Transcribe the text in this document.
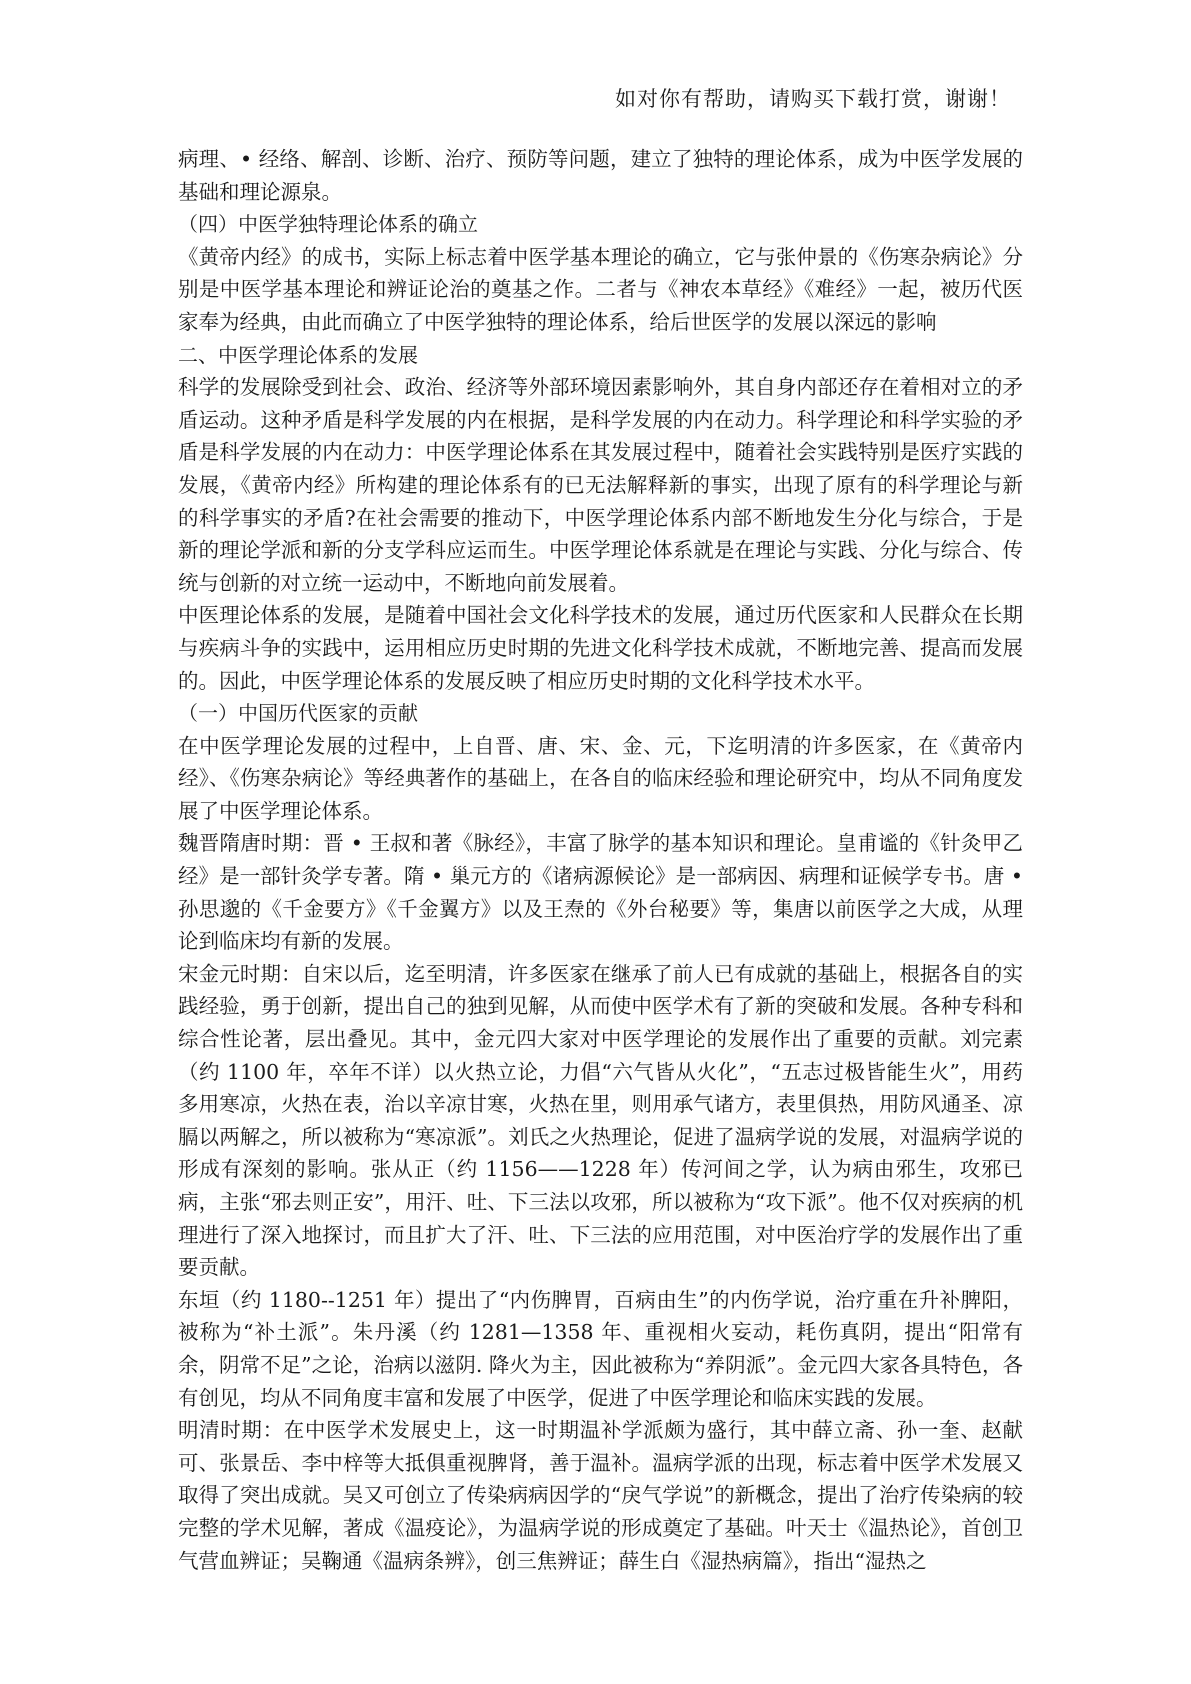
如对你有帮助，请购买下载打赏，谢谢！

病理、• 经络、解剖、诊断、治疗、预防等问题，建立了独特的理论体系，成为中医学发展的基础和理论源泉。

（四）中医学独特理论体系的确立

《黄帝内经》的成书，实际上标志着中医学基本理论的确立，它与张仲景的《伤寒杂病论》分别是中医学基本理论和辨证论治的奠基之作。二者与《神农本草经》《难经》一起，被历代医家奉为经典，由此而确立了中医学独特的理论体系，给后世医学的发展以深远的影响

二、中医学理论体系的发展

科学的发展除受到社会、政治、经济等外部环境因素影响外，其自身内部还存在着相对立的矛盾运动。这种矛盾是科学发展的内在根据，是科学发展的内在动力。科学理论和科学实验的矛盾是科学发展的内在动力：中医学理论体系在其发展过程中，随着社会实践特别是医疗实践的发展，《黄帝内经》所构建的理论体系有的已无法解释新的事实，出现了原有的科学理论与新的科学事实的矛盾?在社会需要的推动下，中医学理论体系内部不断地发生分化与综合，于是新的理论学派和新的分支学科应运而生。中医学理论体系就是在理论与实践、分化与综合、传统与创新的对立统一运动中，不断地向前发展着。

中医理论体系的发展，是随着中国社会文化科学技术的发展，通过历代医家和人民群众在长期与疾病斗争的实践中，运用相应历史时期的先进文化科学技术成就，不断地完善、提高而发展的。因此，中医学理论体系的发展反映了相应历史时期的文化科学技术水平。

（一）中国历代医家的贡献

在中医学理论发展的过程中，上自晋、唐、宋、金、元，下迄明清的许多医家，在《黄帝内经》、《伤寒杂病论》等经典著作的基础上，在各自的临床经验和理论研究中，均从不同角度发展了中医学理论体系。

魏晋隋唐时期：晋 • 王叔和著《脉经》，丰富了脉学的基本知识和理论。皇甫谧的《针灸甲乙经》是一部针灸学专著。隋 • 巢元方的《诸病源候论》是一部病因、病理和证候学专书。唐 • 孙思邈的《千金要方》《千金翼方》以及王焘的《外台秘要》等，集唐以前医学之大成，从理论到临床均有新的发展。

宋金元时期：自宋以后，迄至明清，许多医家在继承了前人已有成就的基础上，根据各自的实践经验，勇于创新，提出自己的独到见解，从而使中医学术有了新的突破和发展。各种专科和综合性论著，层出叠见。其中，金元四大家对中医学理论的发展作出了重要的贡献。刘完素（约 1100 年，卒年不详）以火热立论，力倡“六气皆从火化”，“五志过极皆能生火”，用药多用寒凉，火热在表，治以辛凉甘寒，火热在里，则用承气诸方，表里俱热，用防风通圣、凉膈以两解之，所以被称为“寒凉派”。刘氏之火热理论，促进了温病学说的发展，对温病学说的形成有深刻的影响。张从正（约 1156——1228 年）传河间之学，认为病由邪生，攻邪已病，主张“邪去则正安”，用汗、吐、下三法以攻邪，所以被称为“攻下派”。他不仅对疾病的机理进行了深入地探讨，而且扩大了汗、吐、下三法的应用范围，对中医治疗学的发展作出了重要贡献。

东垣（约 1180--1251 年）提出了“内伤脾胃，百病由生”的内伤学说，治疗重在升补脾阳，被称为“补土派”。朱丹溪（约 1281—1358 年、重视相火妄动，耗伤真阴，提出“阳常有余，阴常不足”之论，治病以滋阴. 降火为主，因此被称为“养阴派”。金元四大家各具特色，各有创见，均从不同角度丰富和发展了中医学，促进了中医学理论和临床实践的发展。

明清时期：在中医学术发展史上，这一时期温补学派颇为盛行，其中薛立斋、孙一奎、赵献可、张景岳、李中梓等大抵俱重视脾肾，善于温补。温病学派的出现，标志着中医学术发展又取得了突出成就。吴又可创立了传染病病因学的“戾气学说”的新概念，提出了治疗传染病的较完整的学术见解，著成《温疫论》，为温病学说的形成奠定了基础。叶天士《温热论》，首创卫气营血辨证；吴鞠通《温病条辨》，创三焦辨证；薛生白《湿热病篇》，指出“湿热之
